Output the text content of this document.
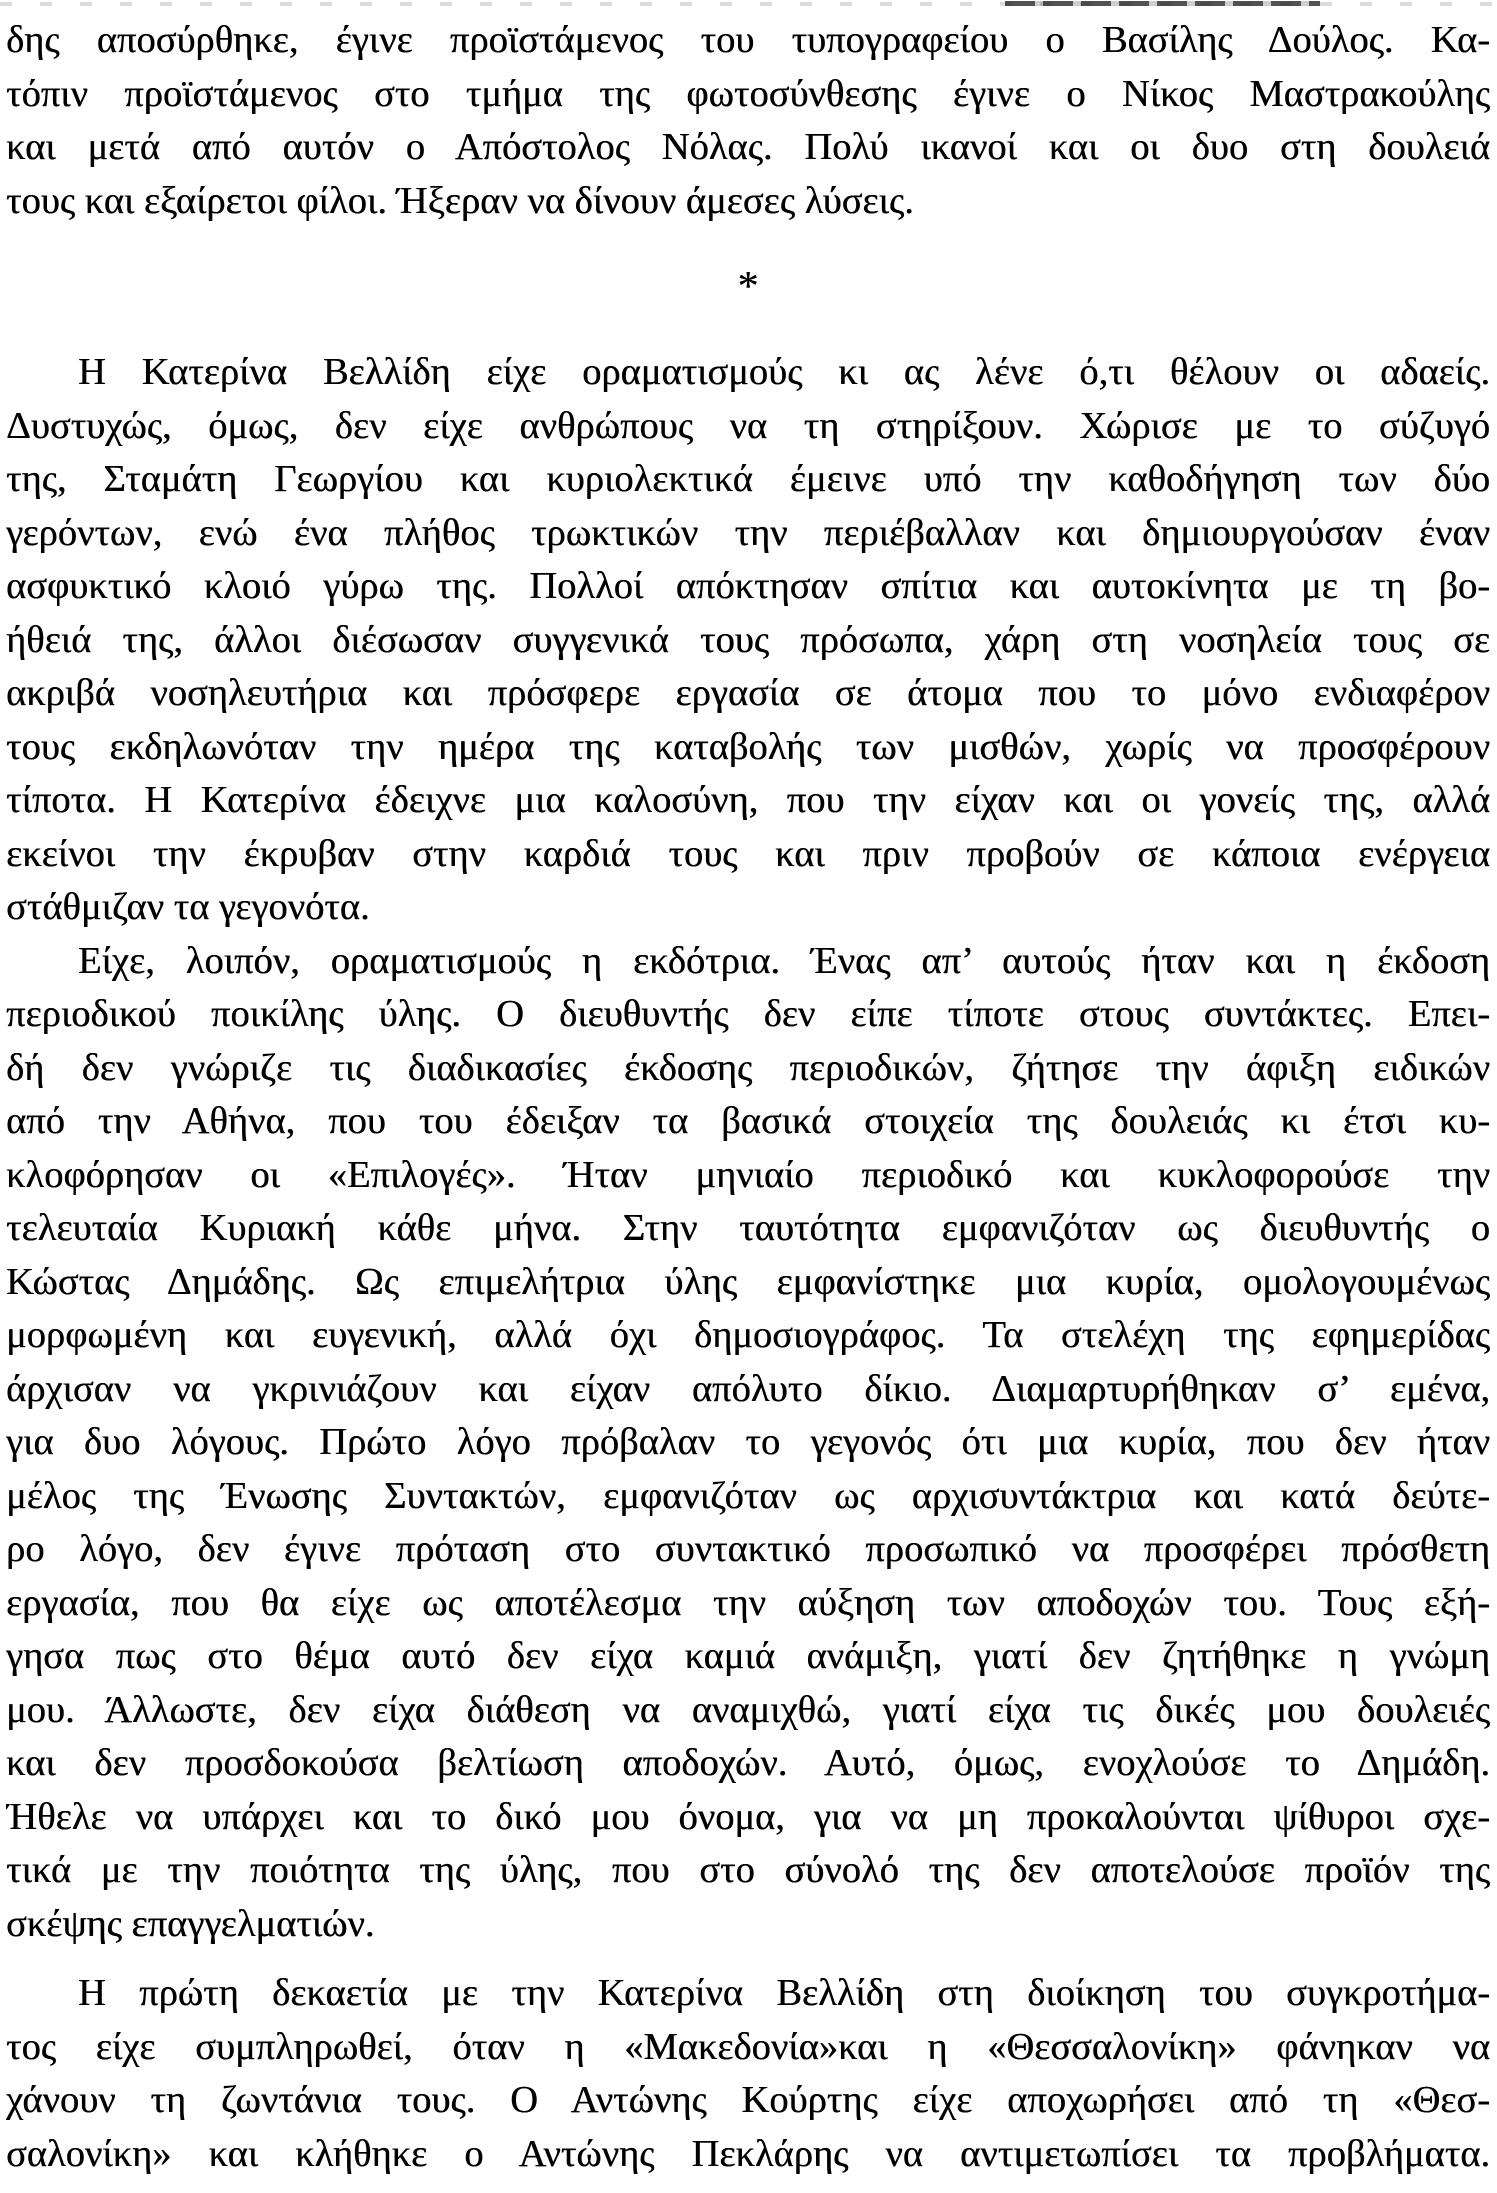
δης αποσύρθηκε, έγινε προϊστάμενος του τυπογραφείου ο Βασίλης Δούλος. Κα-
τόπιν προϊστάμενος στο τμήμα της φωτοσύνθεσης έγινε ο Νίκος Μαστρακούλης
και μετά από αυτόν ο Απόστολος Νόλας. Πολύ ικανοί και οι δυο στη δουλειά
τους και εξαίρετοι φίλοι. Ήξεραν να δίνουν άμεσες λύσεις.
*
Η Κατερίνα Βελλίδη είχε οραματισμούς κι ας λένε ό,τι θέλουν οι αδαείς.
Δυστυχώς, όμως, δεν είχε ανθρώπους να τη στηρίξουν. Χώρισε με το σύζυγό
της, Σταμάτη Γεωργίου και κυριολεκτικά έμεινε υπό την καθοδήγηση των δύο
γερόντων, ενώ ένα πλήθος τρωκτικών την περιέβαλλαν και δημιουργούσαν έναν
ασφυκτικό κλοιό γύρω της. Πολλοί απόκτησαν σπίτια και αυτοκίνητα με τη βο-
ήθειά της, άλλοι διέσωσαν συγγενικά τους πρόσωπα, χάρη στη νοσηλεία τους σε
ακριβά νοσηλευτήρια και πρόσφερε εργασία σε άτομα που το μόνο ενδιαφέρον
τους εκδηλωνόταν την ημέρα της καταβολής των μισθών, χωρίς να προσφέρουν
τίποτα. Η Κατερίνα έδειχνε μια καλοσύνη, που την είχαν και οι γονείς της, αλλά
εκείνοι την έκρυβαν στην καρδιά τους και πριν προβούν σε κάποια ενέργεια
στάθμιζαν τα γεγονότα.
Είχε, λοιπόν, οραματισμούς η εκδότρια. Ένας απ’ αυτούς ήταν και η έκδοση
περιοδικού ποικίλης ύλης. Ο διευθυντής δεν είπε τίποτε στους συντάκτες. Επει-
δή δεν γνώριζε τις διαδικασίες έκδοσης περιοδικών, ζήτησε την άφιξη ειδικών
από την Αθήνα, που του έδειξαν τα βασικά στοιχεία της δουλειάς κι έτσι κυ-
κλοφόρησαν οι «Επιλογές». Ήταν μηνιαίο περιοδικό και κυκλοφορούσε την
τελευταία Κυριακή κάθε μήνα. Στην ταυτότητα εμφανιζόταν ως διευθυντής ο
Κώστας Δημάδης. Ως επιμελήτρια ύλης εμφανίστηκε μια κυρία, ομολογουμένως
μορφωμένη και ευγενική, αλλά όχι δημοσιογράφος. Τα στελέχη της εφημερίδας
άρχισαν να γκρινιάζουν και είχαν απόλυτο δίκιο. Διαμαρτυρήθηκαν σ’ εμένα,
για δυο λόγους. Πρώτο λόγο πρόβαλαν το γεγονός ότι μια κυρία, που δεν ήταν
μέλος της Ένωσης Συντακτών, εμφανιζόταν ως αρχισυντάκτρια και κατά δεύτε-
ρο λόγο, δεν έγινε πρόταση στο συντακτικό προσωπικό να προσφέρει πρόσθετη
εργασία, που θα είχε ως αποτέλεσμα την αύξηση των αποδοχών του. Τους εξή-
γησα πως στο θέμα αυτό δεν είχα καμιά ανάμιξη, γιατί δεν ζητήθηκε η γνώμη
μου. Άλλωστε, δεν είχα διάθεση να αναμιχθώ, γιατί είχα τις δικές μου δουλειές
και δεν προσδοκούσα βελτίωση αποδοχών. Αυτό, όμως, ενοχλούσε το Δημάδη.
Ήθελε να υπάρχει και το δικό μου όνομα, για να μη προκαλούνται ψίθυροι σχε-
τικά με την ποιότητα της ύλης, που στο σύνολό της δεν αποτελούσε προϊόν της
σκέψης επαγγελματιών.
Η πρώτη δεκαετία με την Κατερίνα Βελλίδη στη διοίκηση του συγκροτήμα-
τος είχε συμπληρωθεί, όταν η «Μακεδονία»και η «Θεσσαλονίκη» φάνηκαν να
χάνουν τη ζωντάνια τους. Ο Αντώνης Κούρτης είχε αποχωρήσει από τη «Θεσ-
σαλονίκη» και κλήθηκε ο Αντώνης Πεκλάρης να αντιμετωπίσει τα προβλήματα.
